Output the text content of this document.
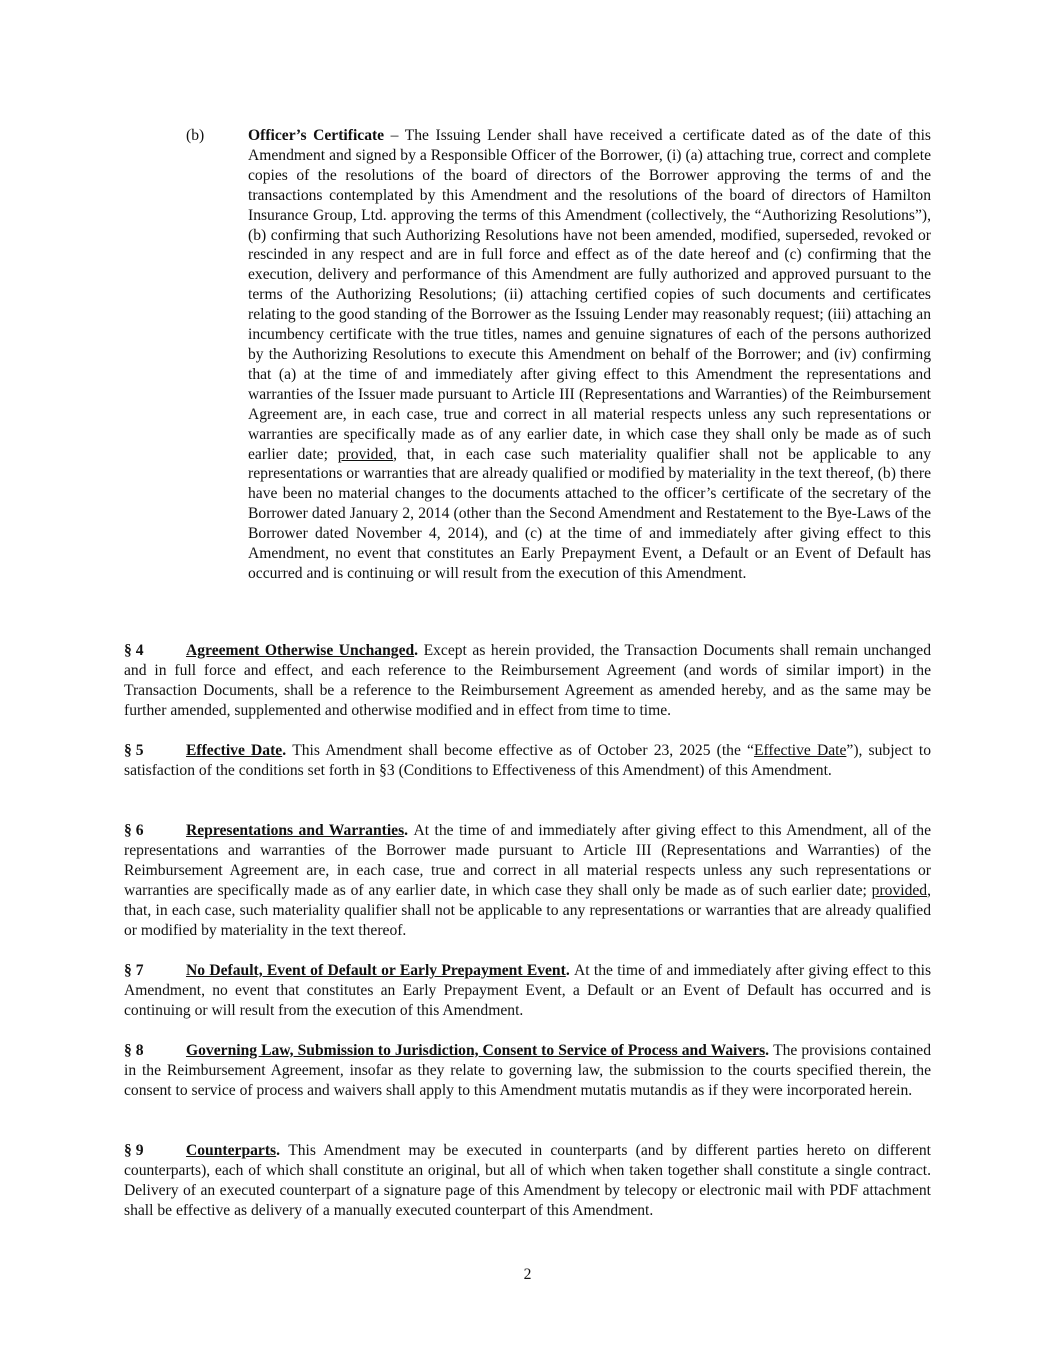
(b)	Officer’s Certificate – The Issuing Lender shall have received a certificate dated as of the date of this Amendment and signed by a Responsible Officer of the Borrower, (i) (a) attaching true, correct and complete copies of the resolutions of the board of directors of the Borrower approving the terms of and the transactions contemplated by this Amendment and the resolutions of the board of directors of Hamilton Insurance Group, Ltd. approving the terms of this Amendment (collectively, the “Authorizing Resolutions”), (b) confirming that such Authorizing Resolutions have not been amended, modified, superseded, revoked or rescinded in any respect and are in full force and effect as of the date hereof and (c) confirming that the execution, delivery and performance of this Amendment are fully authorized and approved pursuant to the terms of the Authorizing Resolutions; (ii) attaching certified copies of such documents and certificates relating to the good standing of the Borrower as the Issuing Lender may reasonably request; (iii) attaching an incumbency certificate with the true titles, names and genuine signatures of each of the persons authorized by the Authorizing Resolutions to execute this Amendment on behalf of the Borrower; and (iv) confirming that (a) at the time of and immediately after giving effect to this Amendment the representations and warranties of the Issuer made pursuant to Article III (Representations and Warranties) of the Reimbursement Agreement are, in each case, true and correct in all material respects unless any such representations or warranties are specifically made as of any earlier date, in which case they shall only be made as of such earlier date; provided, that, in each case such materiality qualifier shall not be applicable to any representations or warranties that are already qualified or modified by materiality in the text thereof, (b) there have been no material changes to the documents attached to the officer’s certificate of the secretary of the Borrower dated January 2, 2014 (other than the Second Amendment and Restatement to the Bye-Laws of the Borrower dated November 4, 2014), and (c) at the time of and immediately after giving effect to this Amendment, no event that constitutes an Early Prepayment Event, a Default or an Event of Default has occurred and is continuing or will result from the execution of this Amendment.

§ 4	Agreement Otherwise Unchanged. Except as herein provided, the Transaction Documents shall remain unchanged and in full force and effect, and each reference to the Reimbursement Agreement (and words of similar import) in the Transaction Documents, shall be a reference to the Reimbursement Agreement as amended hereby, and as the same may be further amended, supplemented and otherwise modified and in effect from time to time.

§ 5	Effective Date. This Amendment shall become effective as of October 23, 2025 (the “Effective Date”), subject to satisfaction of the conditions set forth in §3 (Conditions to Effectiveness of this Amendment) of this Amendment.

§ 6	Representations and Warranties. At the time of and immediately after giving effect to this Amendment, all of the representations and warranties of the Borrower made pursuant to Article III (Representations and Warranties) of the Reimbursement Agreement are, in each case, true and correct in all material respects unless any such representations or warranties are specifically made as of any earlier date, in which case they shall only be made as of such earlier date; provided, that, in each case, such materiality qualifier shall not be applicable to any representations or warranties that are already qualified or modified by materiality in the text thereof.

§ 7	No Default, Event of Default or Early Prepayment Event. At the time of and immediately after giving effect to this Amendment, no event that constitutes an Early Prepayment Event, a Default or an Event of Default has occurred and is continuing or will result from the execution of this Amendment.

§ 8	Governing Law, Submission to Jurisdiction, Consent to Service of Process and Waivers. The provisions contained in the Reimbursement Agreement, insofar as they relate to governing law, the submission to the courts specified therein, the consent to service of process and waivers shall apply to this Amendment mutatis mutandis as if they were incorporated herein.

§ 9	Counterparts. This Amendment may be executed in counterparts (and by different parties hereto on different counterparts), each of which shall constitute an original, but all of which when taken together shall constitute a single contract. Delivery of an executed counterpart of a signature page of this Amendment by telecopy or electronic mail with PDF attachment shall be effective as delivery of a manually executed counterpart of this Amendment.

2
